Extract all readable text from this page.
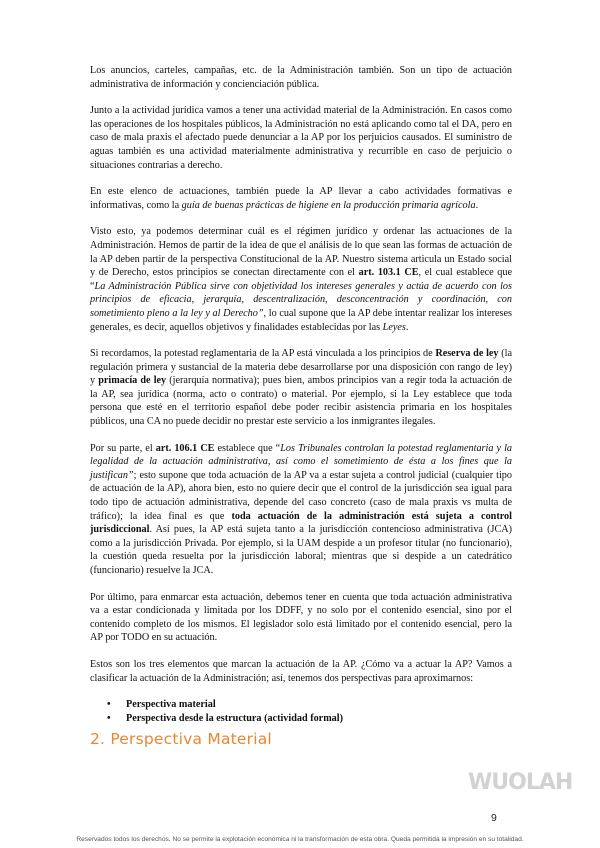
Los anuncios, carteles, campañas, etc. de la Administración también. Son un tipo de actuación administrativa de información y concienciación pública.

Junto a la actividad jurídica vamos a tener una actividad material de la Administración. En casos como las operaciones de los hospitales públicos, la Administración no está aplicando como tal el DA, pero en caso de mala praxis el afectado puede denunciar a la AP por los perjuicios causados. El suministro de aguas también es una actividad materialmente administrativa y recurrible en caso de perjuicio o situaciones contrarias a derecho.

En este elenco de actuaciones, también puede la AP llevar a cabo actividades formativas e informativas, como la guía de buenas prácticas de higiene en la producción primaria agrícola.

Visto esto, ya podemos determinar cuál es el régimen jurídico y ordenar las actuaciones de la Administración. Hemos de partir de la idea de que el análisis de lo que sean las formas de actuación de la AP deben partir de la perspectiva Constitucional de la AP. Nuestro sistema articula un Estado social y de Derecho, estos principios se conectan directamente con el art. 103.1 CE, el cual establece que “La Administración Pública sirve con objetividad los intereses generales y actúa de acuerdo con los principios de eficacia, jerarquía, descentralización, desconcentración y coordinación, con sometimiento pleno a la ley y al Derecho”, lo cual supone que la AP debe intentar realizar los intereses generales, es decir, aquellos objetivos y finalidades establecidas por las Leyes.

Si recordamos, la potestad reglamentaria de la AP está vinculada a los principios de Reserva de ley (la regulación primera y sustancial de la materia debe desarrollarse por una disposición con rango de ley) y primacía de ley (jerarquía normativa); pues bien, ambos principios van a regir toda la actuación de la AP, sea jurídica (norma, acto o contrato) o material. Por ejemplo, si la Ley establece que toda persona que esté en el territorio español debe poder recibir asistencia primaria en los hospitales públicos, una CA no puede decidir no prestar este servicio a los inmigrantes ilegales.

Por su parte, el art. 106.1 CE establece que “Los Tribunales controlan la potestad reglamentaria y la legalidad de la actuación administrativa, así como el sometimiento de ésta a los fines que la justifican”; esto supone que toda actuación de la AP va a estar sujeta a control judicial (cualquier tipo de actuación de la AP), ahora bien, esto no quiere decir que el control de la jurisdicción sea igual para todo tipo de actuación administrativa, depende del caso concreto (caso de mala praxis vs multa de tráfico); la idea final es que toda actuación de la administración está sujeta a control jurisdiccional. Así pues, la AP está sujeta tanto a la jurisdicción contencioso administrativa (JCA) como a la jurisdicción Privada. Por ejemplo, si la UAM despide a un profesor titular (no funcionario), la cuestión queda resuelta por la jurisdicción laboral; mientras que si despide a un catedrático (funcionario) resuelve la JCA.

Por último, para enmarcar esta actuación, debemos tener en cuenta que toda actuación administrativa va a estar condicionada y limitada por los DDFF, y no solo por el contenido esencial, sino por el contenido completo de los mismos. El legislador solo está limitado por el contenido esencial, pero la AP por TODO en su actuación.

Estos son los tres elementos que marcan la actuación de la AP. ¿Cómo va a actuar la AP? Vamos a clasificar la actuación de la Administración; así, tenemos dos perspectivas para aproximarnos:

• Perspectiva material
• Perspectiva desde la estructura (actividad formal)
2. Perspectiva Material
WUOLAH
9
Reservados todos los derechos. No se permite la explotación económica ni la transformación de esta obra. Queda permitida la impresión en su totalidad.
